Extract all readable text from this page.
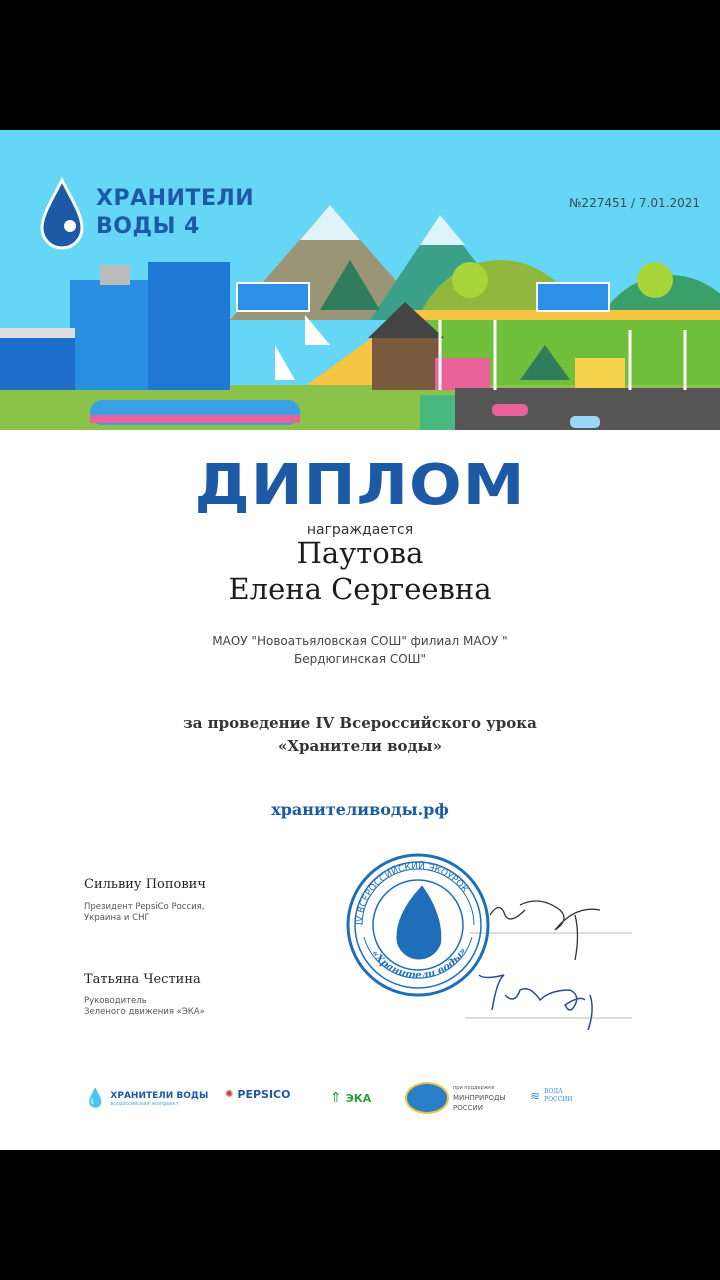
ХРАНИТЕЛИ
ВОДЫ 4
№227451 / 7.01.2021
ДИПЛОМ
награждается
Паутова
Елена Сергеевна
МАОУ "Новоатьяловская СОШ" филиал МАОУ "
Бердюгинская СОШ"
за проведение IV Всероссийского урока
«Хранители воды»
хранителиводы.рф
Сильвиу Попович
Президент PepsiCo Россия,
Украина и СНГ
Татьяна Честина
Руководитель
Зеленого движения «ЭКА»
IV ВСЕРОССИЙСКИЙ ЭКОУРОК
«Хранители воды»
💧 ХРАНИТЕЛИ ВОДЫ
всероссийский экопроект
✺ PEPSICO	⇑ ЭКА
при поддержке
МИНПРИРОДЫ
РОССИИ
≋ ВОДА
РОССИИ
